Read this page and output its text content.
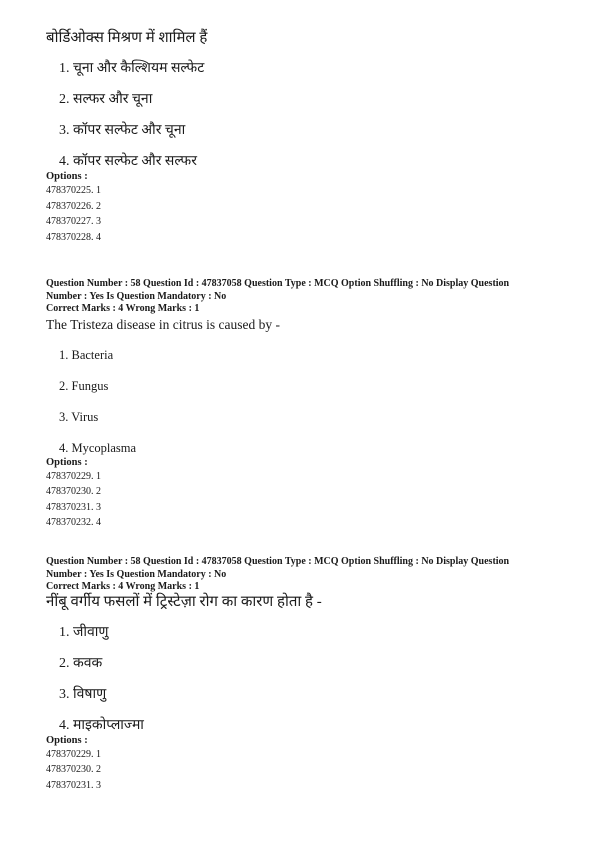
बोर्डिओक्स मिश्रण में शामिल हैं
1. चूना और कैल्शियम सल्फेट
2. सल्फर और चूना
3. कॉपर सल्फेट और चूना
4. कॉपर सल्फेट और सल्फर
Options :
478370225. 1
478370226. 2
478370227. 3
478370228. 4
Question Number : 58 Question Id : 47837058 Question Type : MCQ Option Shuffling : No Display Question
Number : Yes Is Question Mandatory : No
Correct Marks : 4 Wrong Marks : 1
The Tristeza disease in citrus is caused by -
1. Bacteria
2. Fungus
3. Virus
4. Mycoplasma
Options :
478370229. 1
478370230. 2
478370231. 3
478370232. 4
Question Number : 58 Question Id : 47837058 Question Type : MCQ Option Shuffling : No Display Question
Number : Yes Is Question Mandatory : No
Correct Marks : 4 Wrong Marks : 1
नींबू वर्गीय फसलों में ट्रिस्टेज़ा रोग का कारण होता है -
1. जीवाणु
2. कवक
3. विषाणु
4. माइकोप्लाज्मा
Options :
478370229. 1
478370230. 2
478370231. 3
